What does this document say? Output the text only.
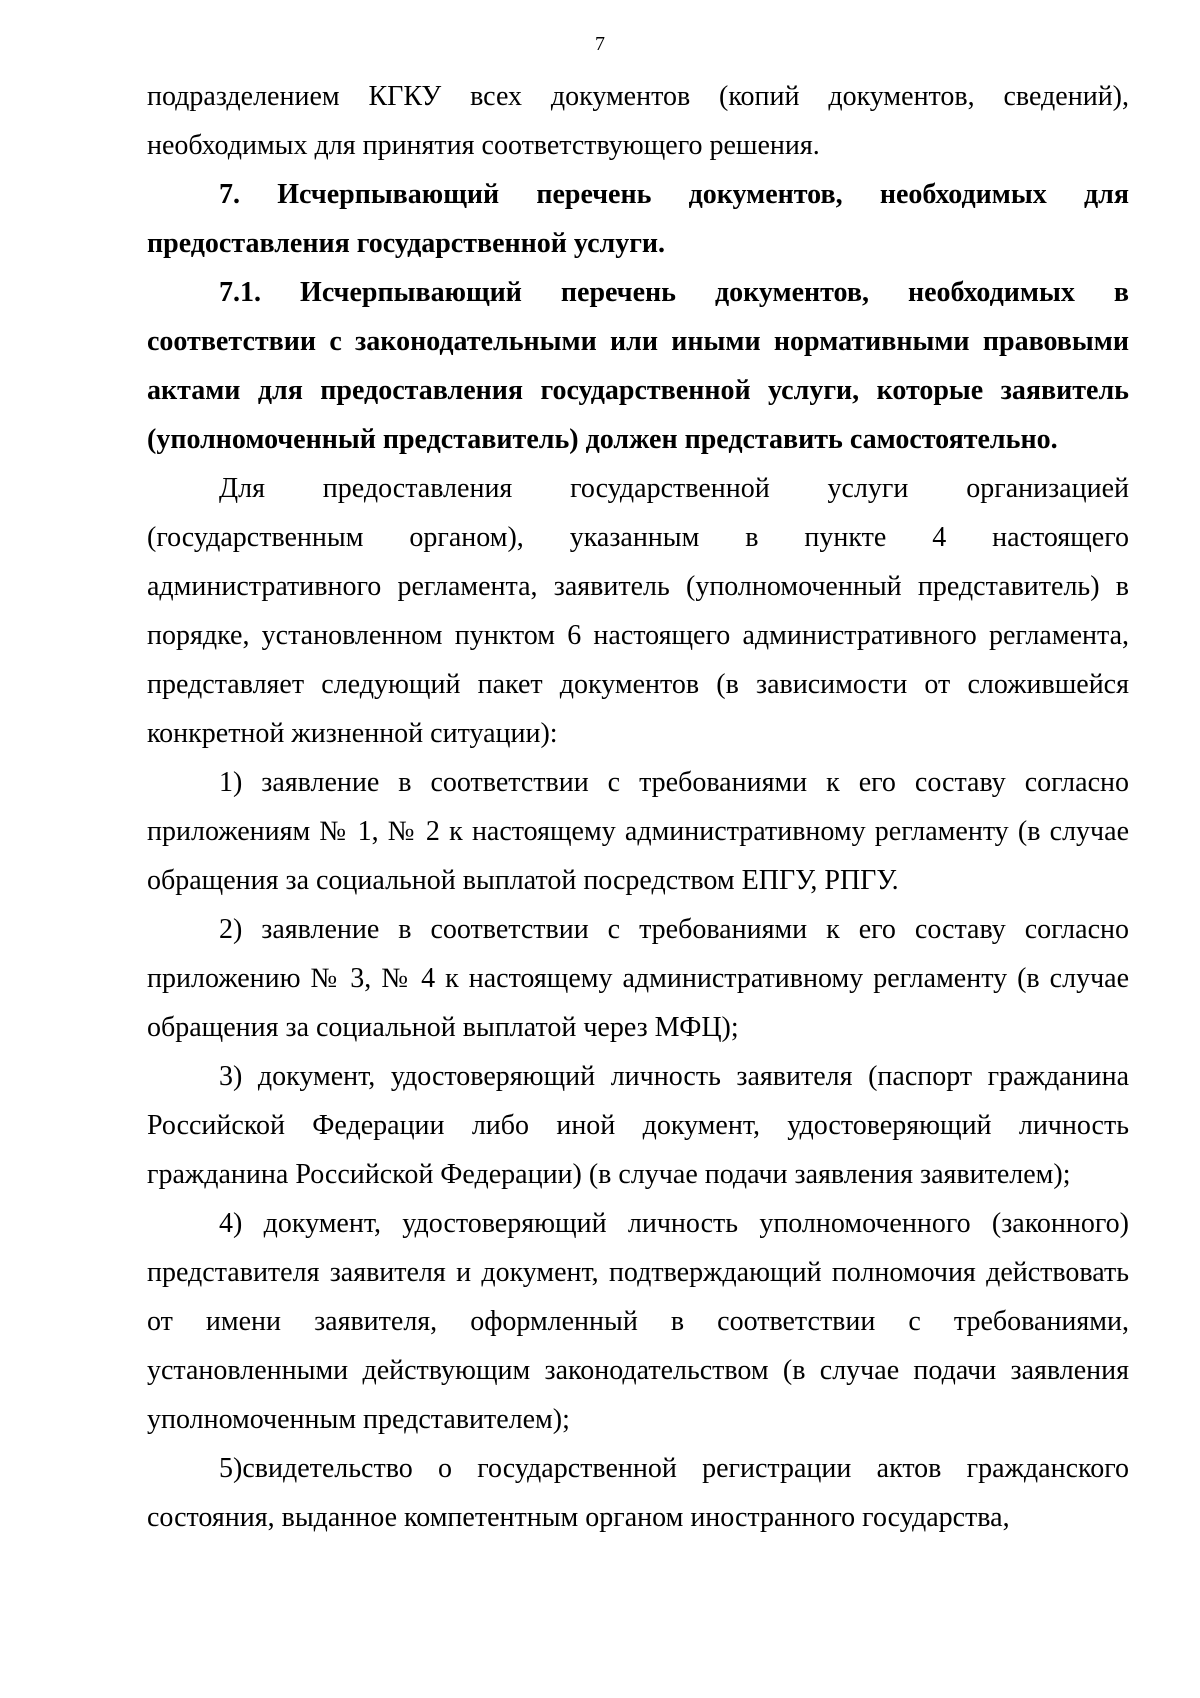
7

подразделением КГКУ всех документов (копий документов, сведений), необходимых для принятия соответствующего решения.

7. Исчерпывающий перечень документов, необходимых для предоставления государственной услуги.

7.1. Исчерпывающий перечень документов, необходимых в соответствии с законодательными или иными нормативными правовыми актами для предоставления государственной услуги, которые заявитель (уполномоченный представитель) должен представить самостоятельно.

Для предоставления государственной услуги организацией (государственным органом), указанным в пункте 4 настоящего административного регламента, заявитель (уполномоченный представитель) в порядке, установленном пунктом 6 настоящего административного регламента, представляет следующий пакет документов (в зависимости от сложившейся конкретной жизненной ситуации):

1) заявление в соответствии с требованиями к его составу согласно приложениям № 1, № 2 к настоящему административному регламенту (в случае обращения за социальной выплатой посредством ЕПГУ, РПГУ.

2) заявление в соответствии с требованиями к его составу согласно приложению № 3, № 4 к настоящему административному регламенту (в случае обращения за социальной выплатой через МФЦ);

3) документ, удостоверяющий личность заявителя (паспорт гражданина Российской Федерации либо иной документ, удостоверяющий личность гражданина Российской Федерации) (в случае подачи заявления заявителем);

4) документ, удостоверяющий личность уполномоченного (законного) представителя заявителя и документ, подтверждающий полномочия действовать от имени заявителя, оформленный в соответствии с требованиями, установленными действующим законодательством (в случае подачи заявления уполномоченным представителем);

5)свидетельство о государственной регистрации актов гражданского состояния, выданное компетентным органом иностранного государства,
